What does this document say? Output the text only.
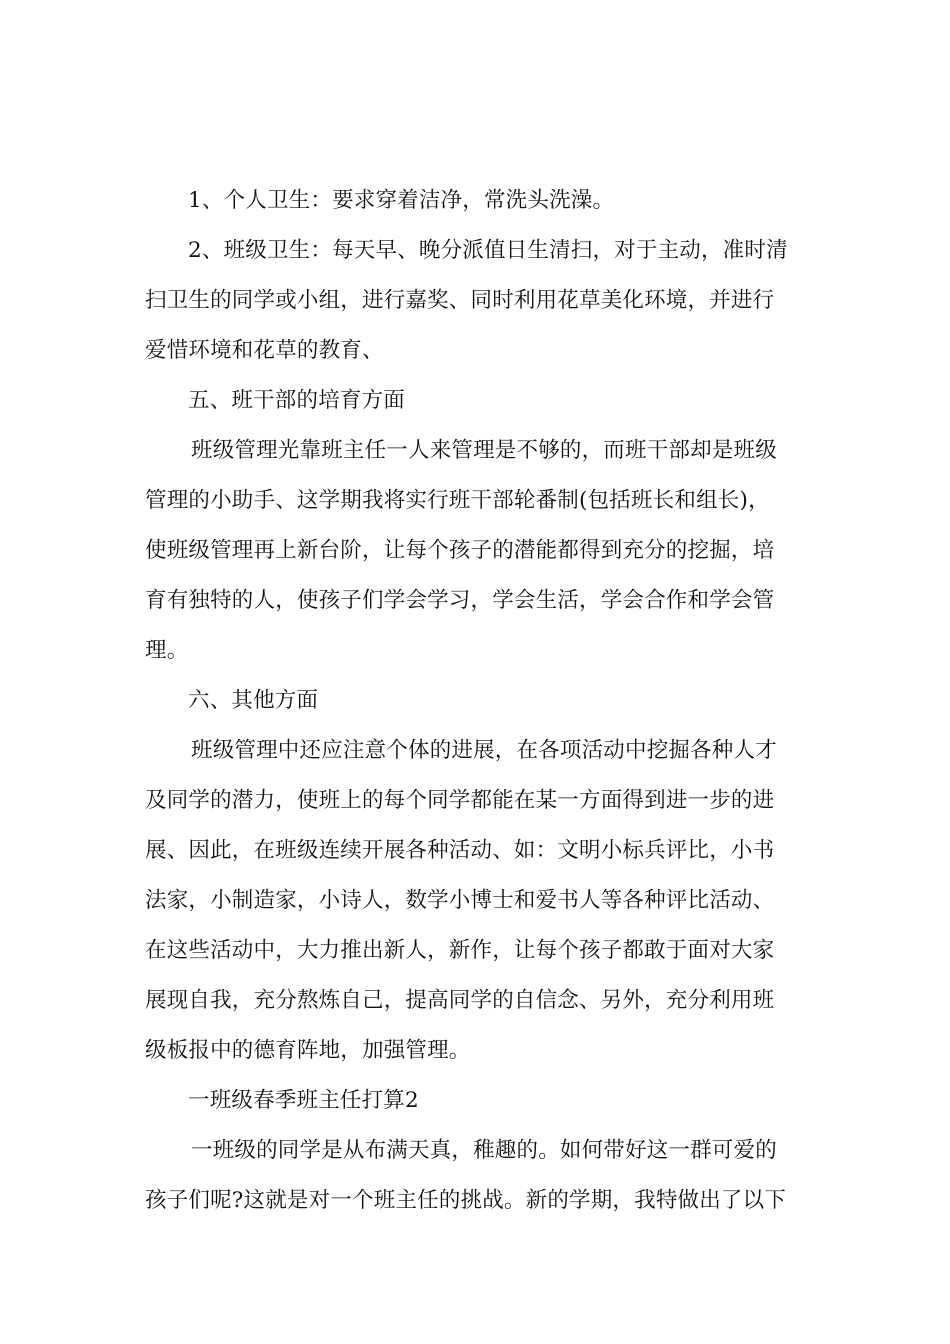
1、个人卫生：要求穿着洁净，常洗头洗澡。
2、班级卫生：每天早、晚分派值日生清扫，对于主动，准时清
扫卫生的同学或小组，进行嘉奖、同时利用花草美化环境，并进行
爱惜环境和花草的教育、
五、班干部的培育方面
班级管理光靠班主任一人来管理是不够的，而班干部却是班级
管理的小助手、这学期我将实行班干部轮番制(包括班长和组长)，
使班级管理再上新台阶，让每个孩子的潜能都得到充分的挖掘，培
育有独特的人，使孩子们学会学习，学会生活，学会合作和学会管
理。
六、其他方面
班级管理中还应注意个体的进展，在各项活动中挖掘各种人才
及同学的潜力，使班上的每个同学都能在某一方面得到进一步的进
展、因此，在班级连续开展各种活动、如：文明小标兵评比，小书
法家，小制造家，小诗人，数学小博士和爱书人等各种评比活动、
在这些活动中，大力推出新人，新作，让每个孩子都敢于面对大家
展现自我，充分熬炼自己，提高同学的自信念、另外，充分利用班
级板报中的德育阵地，加强管理。
一班级春季班主任打算2
一班级的同学是从布满天真，稚趣的。如何带好这一群可爱的
孩子们呢?这就是对一个班主任的挑战。新的学期，我特做出了以下
